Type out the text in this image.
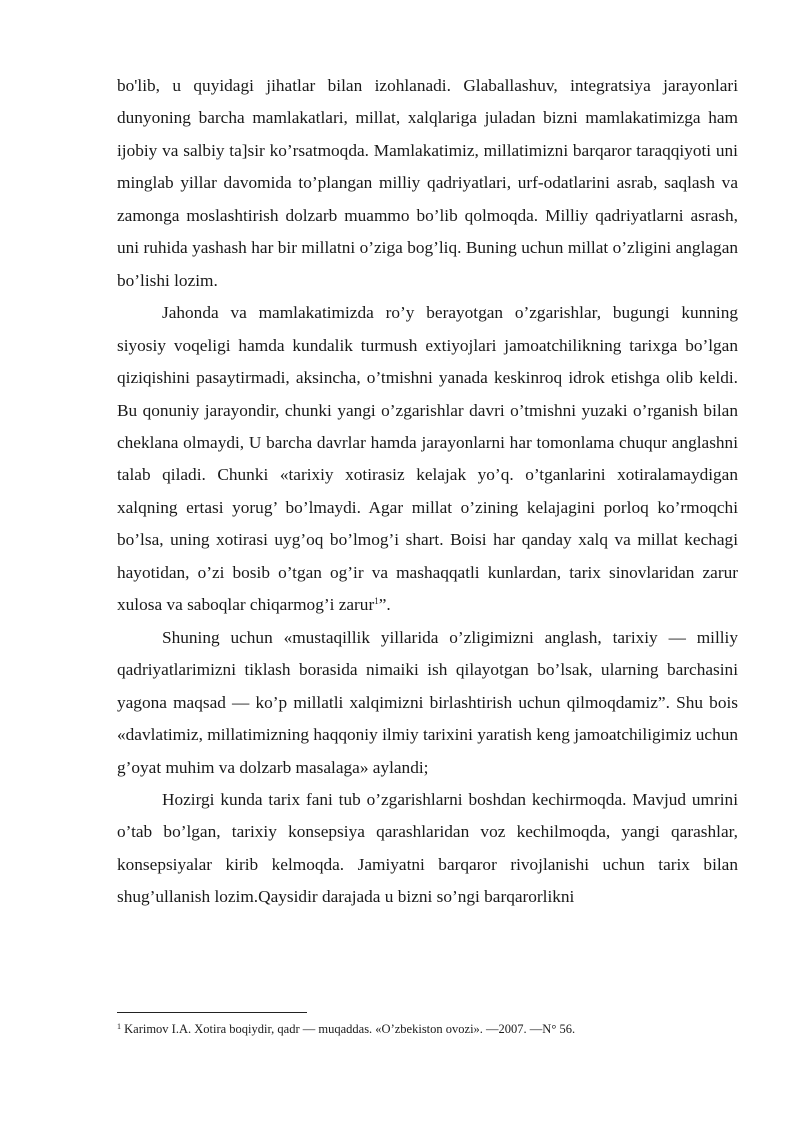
bo'lib, u quyidagi jihatlar bilan izohlanadi. Glaballashuv, integratsiya jarayonlari dunyoning barcha mamlakatlari, millat, xalqlariga juladan bizni mamlakatimizga ham ijobiy va salbiy ta]sir ko’rsatmoqda. Mamlakatimiz, millatimizni barqaror taraqqiyoti uni minglab yillar davomida to’plangan milliy qadriyatlari, urf-odatlarini asrab, saqlash va zamonga moslashtirish dolzarb muammo bo’lib qolmoqda. Milliy qadriyatlarni asrash, uni ruhida yashash har bir millatni o’ziga bog’liq. Buning uchun millat o’zligini anglagan bo’lishi lozim.

Jahonda va mamlakatimizda ro’y berayotgan o’zgarishlar, bugungi kunning siyosiy voqeligi hamda kundalik turmush extiyojlari jamoatchilikning tarixga bo’lgan qiziqishini pasaytirmadi, aksincha, o’tmishni yanada keskinroq idrok etishga olib keldi. Bu qonuniy jarayondir, chunki yangi o’zgarishlar davri o’tmishni yuzaki o’rganish bilan cheklana olmaydi, U barcha davrlar hamda jarayonlarni har tomonlama chuqur anglashni talab qiladi. Chunki «tarixiy xotirasiz kelajak yo’q. o’tganlarini xotiralamaydigan xalqning ertasi yorug’ bo’lmaydi. Agar millat o’zining kelajagini porloq ko’rmoqchi bo’lsa, uning xotirasi uyg’oq bo’lmog’i shart. Boisi har qanday xalq va millat kechagi hayotidan, o’zi bosib o’tgan og’ir va mashaqqatli kunlardan, tarix sinovlaridan zarur xulosa va saboqlar chiqarmog’i zarur$^1$”.

Shuning uchun «mustaqillik yillarida o’zligimizni anglash, tarixiy — milliy qadriyatlarimizni tiklash borasida nimaiki ish qilayotgan bo’lsak, ularning barchasini yagona maqsad — ko’p millatli xalqimizni birlashtirish uchun qilmoqdamiz”. Shu bois «davlatimiz, millatimizning haqqoniy ilmiy tarixini yaratish keng jamoatchiligimiz uchun g’oyat muhim va dolzarb masalaga» aylandi;

Hozirgi kunda tarix fani tub o’zgarishlarni boshdan kechirmoqda. Mavjud umrini o’tab bo’lgan, tarixiy konsepsiya qarashlaridan voz kechilmoqda, yangi qarashlar, konsepsiyalar kirib kelmoqda. Jamiyatni barqaror rivojlanishi uchun tarix bilan shug’ullanish lozim.Qaysidir darajada u bizni so’ngi barqarorlikni

$^1$ Karimov I.A. Xotira boqiydir, qadr — muqaddas. «O’zbekiston ovozi». —2007. —N° 56.
